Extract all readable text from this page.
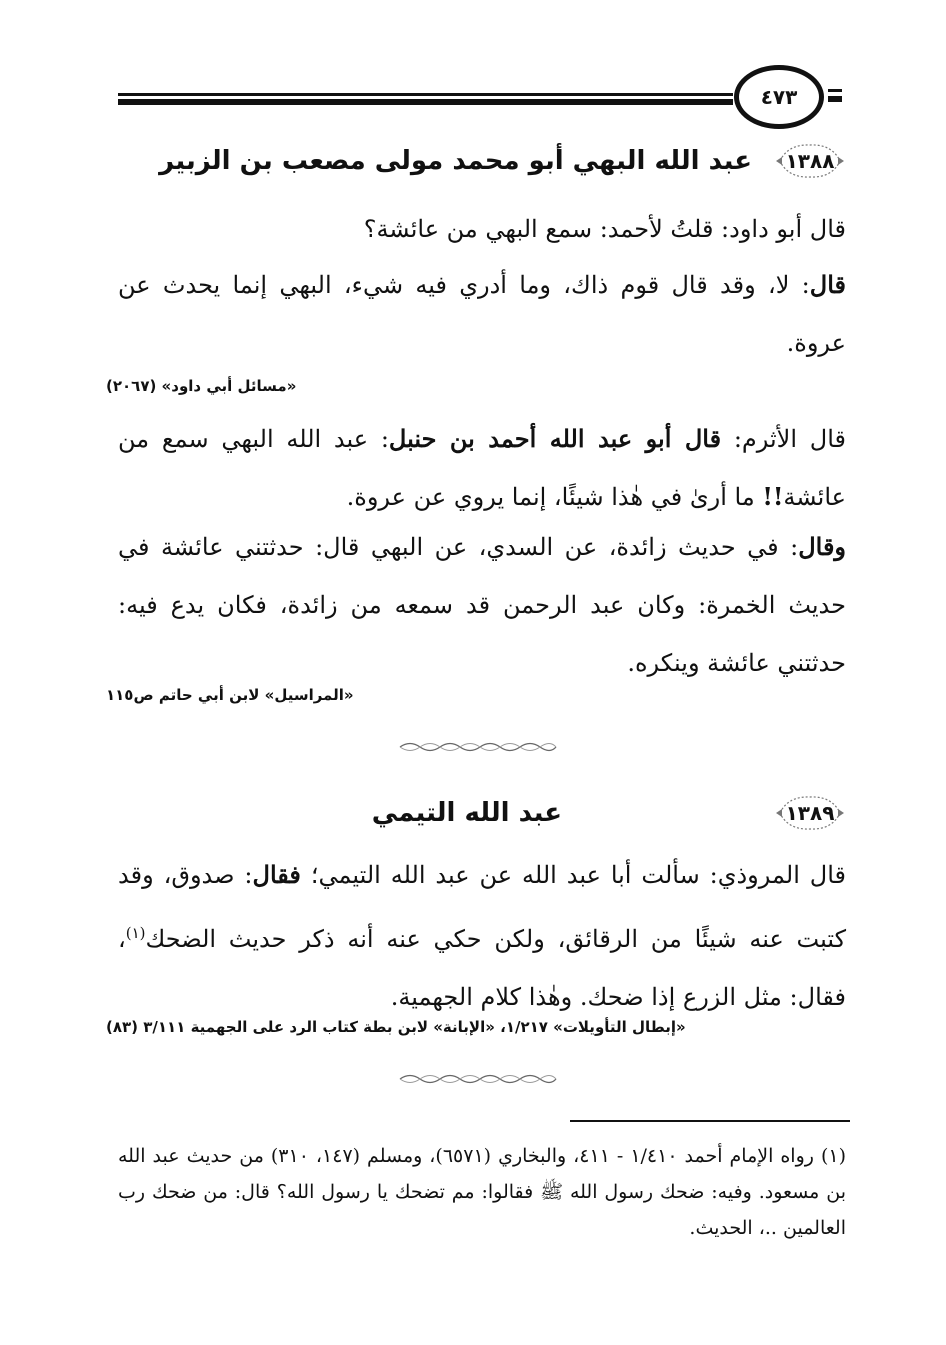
٤٧٣
١٣٨٨
عبد الله البهي أبو محمد مولى مصعب بن الزبير
قال أبو داود: قلتُ لأحمد: سمع البهي من عائشة؟
قال: لا، وقد قال قوم ذاك، وما أدري فيه شيء، البهي إنما يحدث عن عروة.
«مسائل أبي داود» (٢٠٦٧)
قال الأثرم: قال أبو عبد الله أحمد بن حنبل: عبد الله البهي سمع من عائشة!! ما أرىٰ في هٰذا شيئًا، إنما يروي عن عروة.
وقال: في حديث زائدة، عن السدي، عن البهي قال: حدثتني عائشة في حديث الخمرة: وكان عبد الرحمن قد سمعه من زائدة، فكان يدع فيه: حدثتني عائشة وينكره.
«المراسيل» لابن أبي حاتم ص١١٥
١٣٨٩
عبد الله التيمي
قال المروذي: سألت أبا عبد الله عن عبد الله التيمي؛ فقال: صدوق، وقد كتبت عنه شيئًا من الرقائق، ولكن حكي عنه أنه ذكر حديث الضحك$^{(١)}$، فقال: مثل الزرع إذا ضحك. وهٰذا كلام الجهمية.
«إبطال التأويلات» ١/٢١٧، «الإبانة» لابن بطة كتاب الرد على الجهمية ٣/١١١ (٨٣)
(١) رواه الإمام أحمد ١/٤١٠ - ٤١١، والبخاري (٦٥٧١)، ومسلم (١٤٧، ٣١٠) من حديث عبد الله بن مسعود. وفيه: ضحك رسول الله ﷺ فقالوا: مم تضحك يا رسول الله؟ قال: من ضحك رب العالمين ..، الحديث.
